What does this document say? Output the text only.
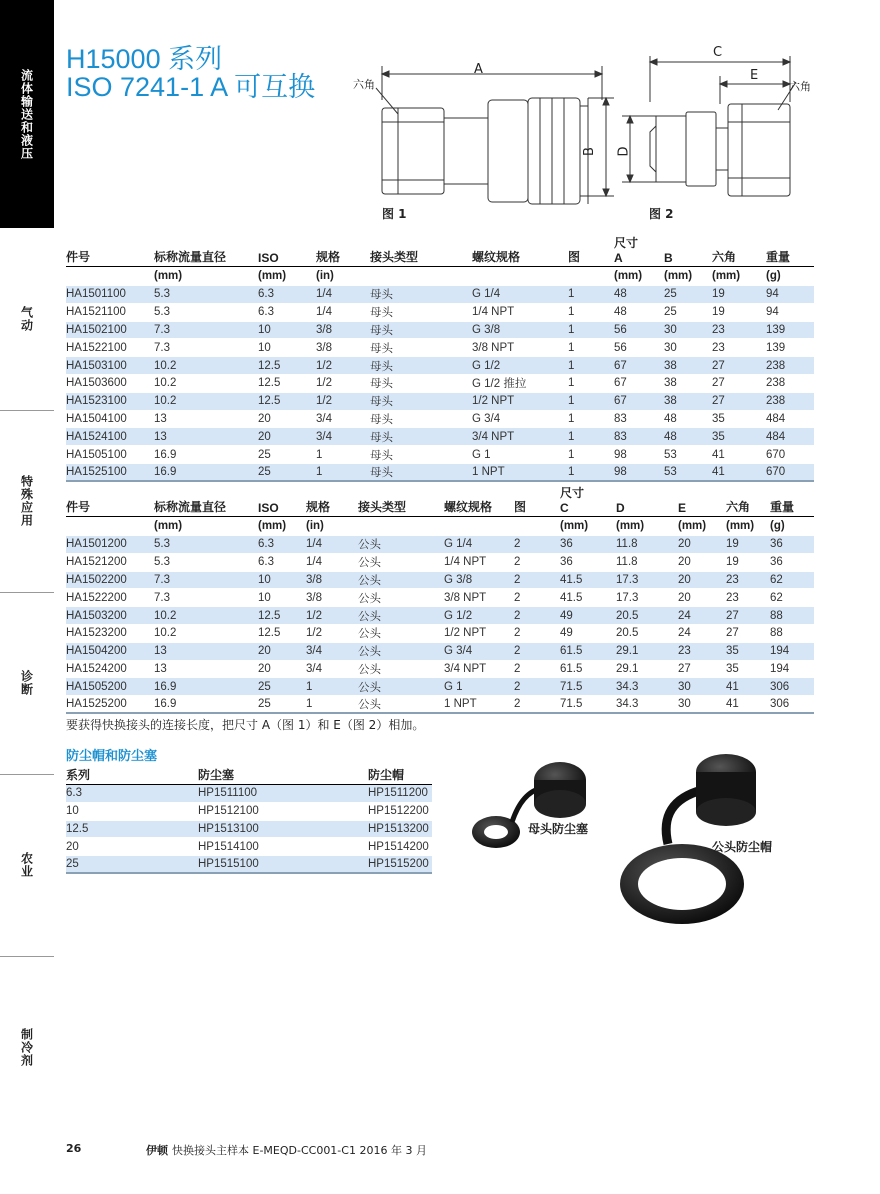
流体输送和液压
气动
特殊应用
诊断
农业
制冷剂
H15000 系列
ISO 7241-1 A 可互换
A
B
六角
图 1
C
E
D
六角
图 2
件号	标称流量直径	ISO	规格	接头类型	螺纹规格	图	尺寸
A	B	六角	重量
	(mm)	(mm)	(in)				(mm)	(mm)	(mm)	(g)
HA1501100	5.3	6.3	1/4	母头	G 1/4	1	48	25	19	94
HA1521100	5.3	6.3	1/4	母头	1/4 NPT	1	48	25	19	94
HA1502100	7.3	10	3/8	母头	G 3/8	1	56	30	23	139
HA1522100	7.3	10	3/8	母头	3/8 NPT	1	56	30	23	139
HA1503100	10.2	12.5	1/2	母头	G 1/2	1	67	38	27	238
HA1503600	10.2	12.5	1/2	母头	G 1/2 推拉	1	67	38	27	238
HA1523100	10.2	12.5	1/2	母头	1/2 NPT	1	67	38	27	238
HA1504100	13	20	3/4	母头	G 3/4	1	83	48	35	484
HA1524100	13	20	3/4	母头	3/4 NPT	1	83	48	35	484
HA1505100	16.9	25	1	母头	G 1	1	98	53	41	670
HA1525100	16.9	25	1	母头	1 NPT	1	98	53	41	670
件号	标称流量直径	ISO	规格	接头类型	螺纹规格	图	尺寸
C	D	E	六角	重量
	(mm)	(mm)	(in)				(mm)	(mm)	(mm)	(mm)	(g)
HA1501200	5.3	6.3	1/4	公头	G 1/4	2	36	11.8	20	19	36
HA1521200	5.3	6.3	1/4	公头	1/4 NPT	2	36	11.8	20	19	36
HA1502200	7.3	10	3/8	公头	G 3/8	2	41.5	17.3	20	23	62
HA1522200	7.3	10	3/8	公头	3/8 NPT	2	41.5	17.3	20	23	62
HA1503200	10.2	12.5	1/2	公头	G 1/2	2	49	20.5	24	27	88
HA1523200	10.2	12.5	1/2	公头	1/2 NPT	2	49	20.5	24	27	88
HA1504200	13	20	3/4	公头	G 3/4	2	61.5	29.1	23	35	194
HA1524200	13	20	3/4	公头	3/4 NPT	2	61.5	29.1	27	35	194
HA1505200	16.9	25	1	公头	G 1	2	71.5	34.3	30	41	306
HA1525200	16.9	25	1	公头	1 NPT	2	71.5	34.3	30	41	306
要获得快换接头的连接长度，把尺寸 A（图 1）和 E（图 2）相加。
防尘帽和防尘塞
系列	防尘塞	防尘帽
6.3	HP1511100	HP1511200
10	HP1512100	HP1512200
12.5	HP1513100	HP1513200
20	HP1514100	HP1514200
25	HP1515100	HP1515200
母头防尘塞
公头防尘帽
26	伊顿 快换接头主样本 E-MEQD-CC001-C1 2016 年 3 月
